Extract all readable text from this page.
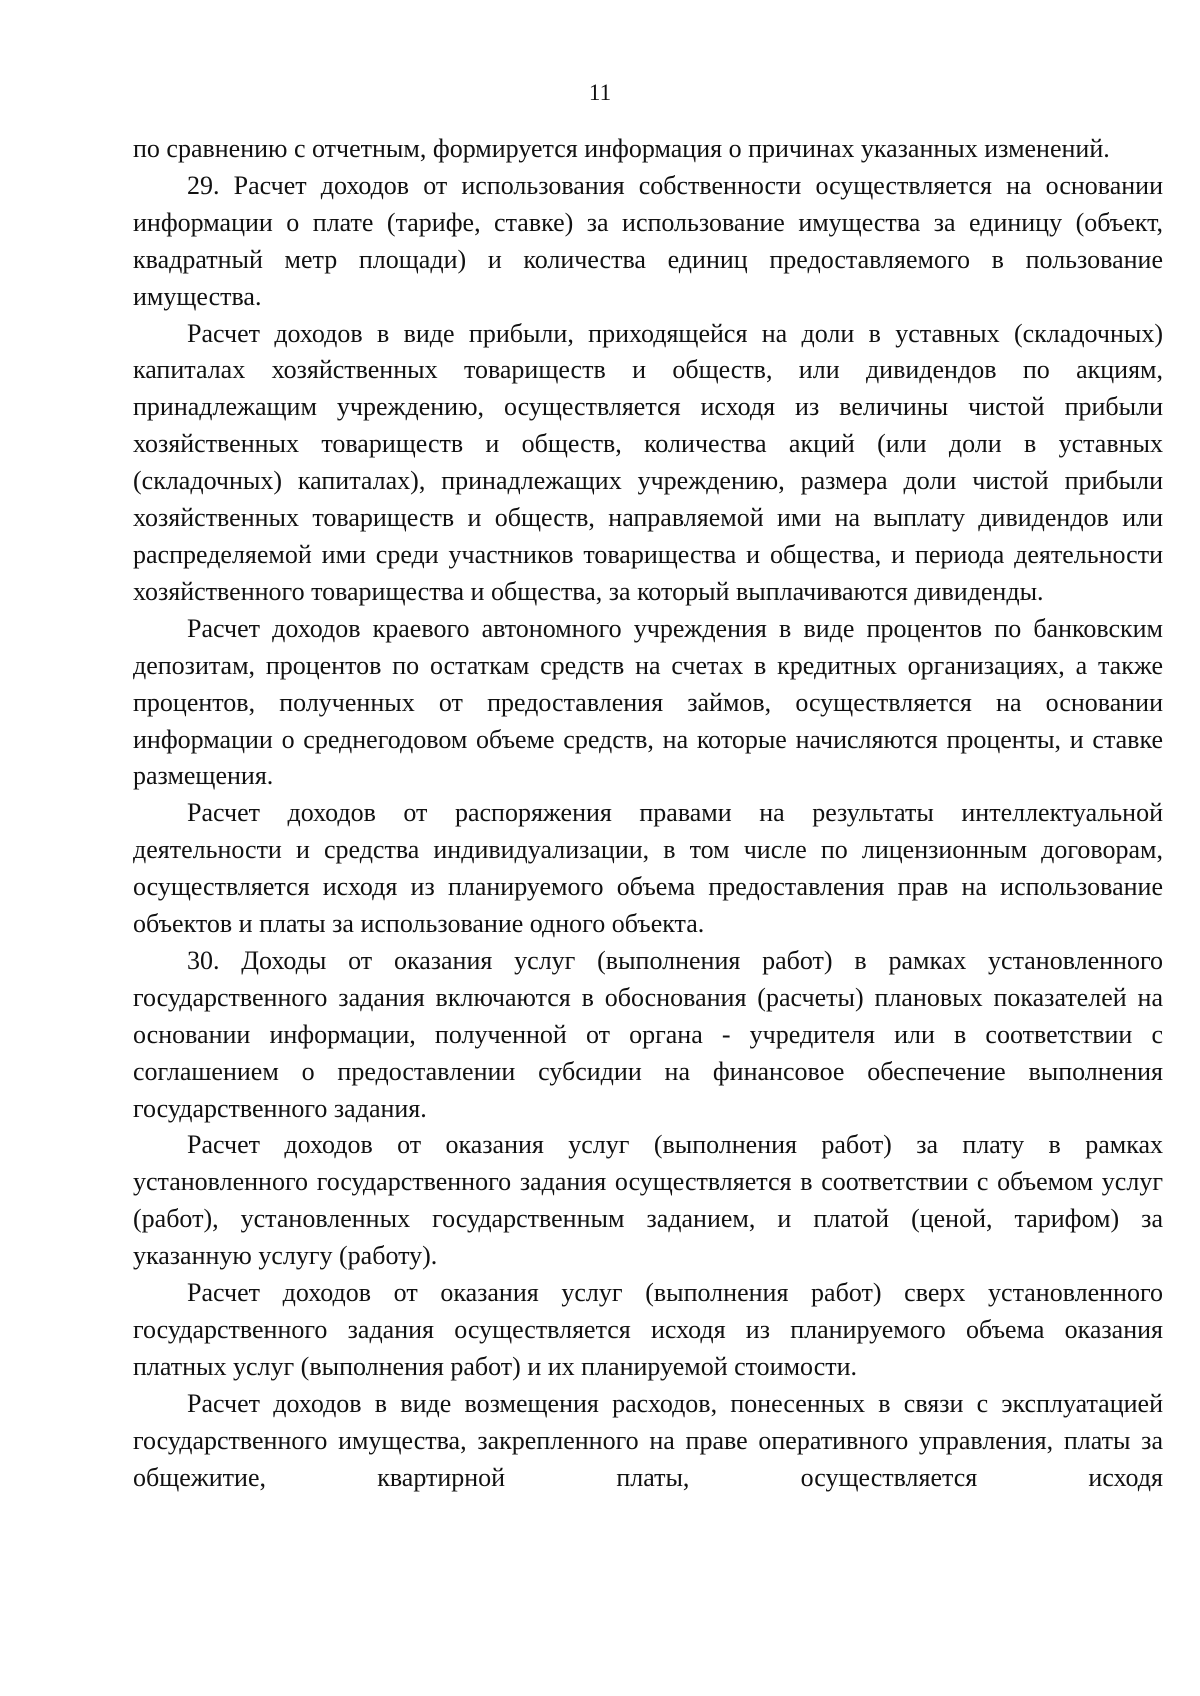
11

по сравнению с отчетным, формируется информация о причинах указанных изменений.

29. Расчет доходов от использования собственности осуществляется на основании информации о плате (тарифе, ставке) за использование имущества за единицу (объект, квадратный метр площади) и количества единиц предоставляемого в пользование имущества.

Расчет доходов в виде прибыли, приходящейся на доли в уставных (складочных) капиталах хозяйственных товариществ и обществ, или дивидендов по акциям, принадлежащим учреждению, осуществляется исходя из величины чистой прибыли хозяйственных товариществ и обществ, количества акций (или доли в уставных (складочных) капиталах), принадлежащих учреждению, размера доли чистой прибыли хозяйственных товариществ и обществ, направляемой ими на выплату дивидендов или распределяемой ими среди участников товарищества и общества, и периода деятельности хозяйственного товарищества и общества, за который выплачиваются дивиденды.

Расчет доходов краевого автономного учреждения в виде процентов по банковским депозитам, процентов по остаткам средств на счетах в кредитных организациях, а также процентов, полученных от предоставления займов, осуществляется на основании информации о среднегодовом объеме средств, на которые начисляются проценты, и ставке размещения.

Расчет доходов от распоряжения правами на результаты интеллектуальной деятельности и средства индивидуализации, в том числе по лицензионным договорам, осуществляется исходя из планируемого объема предоставления прав на использование объектов и платы за использование одного объекта.

30. Доходы от оказания услуг (выполнения работ) в рамках установленного государственного задания включаются в обоснования (расчеты) плановых показателей на основании информации, полученной от органа - учредителя или в соответствии с соглашением о предоставлении субсидии на финансовое обеспечение выполнения государственного задания.

Расчет доходов от оказания услуг (выполнения работ) за плату в рамках установленного государственного задания осуществляется в соответствии с объемом услуг (работ), установленных государственным заданием, и платой (ценой, тарифом) за указанную услугу (работу).

Расчет доходов от оказания услуг (выполнения работ) сверх установленного государственного задания осуществляется исходя из планируемого объема оказания платных услуг (выполнения работ) и их планируемой стоимости.

Расчет доходов в виде возмещения расходов, понесенных в связи с эксплуатацией государственного имущества, закрепленного на праве оперативного управления, платы за общежитие, квартирной платы, осуществляется исходя
